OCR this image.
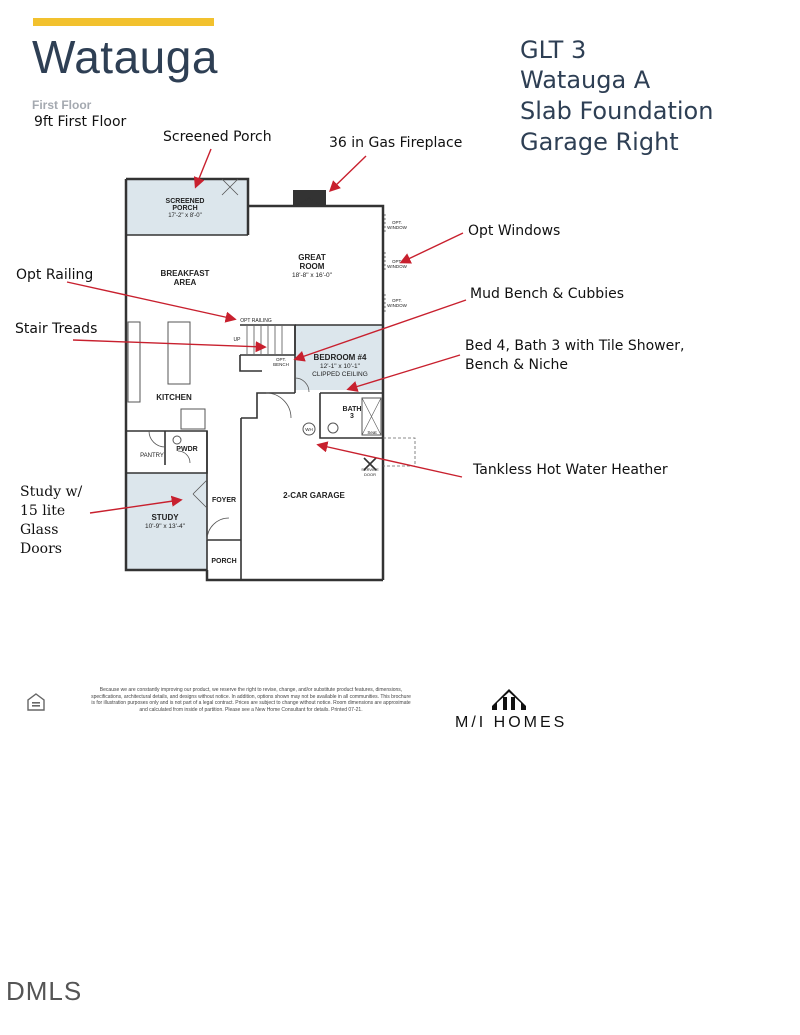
Watauga
First Floor
9ft First Floor
GLT 3
Watauga A
Slab Foundation
Garage Right
Screened Porch	36 in Gas Fireplace
Opt Windows
Opt Railing
Mud Bench & Cubbies
Stair Treads
Bed 4, Bath 3 with Tile Shower,
Bench & Niche
Tankless Hot Water Heather
Study w/
15 lite
Glass
Doors
SCREENED
PORCH
17'-2" x 8'-0"
GREAT
ROOM
18'-8" x 16'-0"
BREAKFAST
AREA
KITCHEN
BEDROOM #4
12'-1" x 10'-1"
CLIPPED CEILING
BATH
3
PANTRY
PWDR
STUDY
10'-9" x 13'-4"
FOYER
PORCH
2-CAR GARAGE
OPT RAILING
OPT.
BENCH
UP
WH
Seat
SERVICE
DOOR
OPT.
WINDOW
OPT.
WINDOW
OPT.
WINDOW
Because we are constantly improving our product, we reserve the right to revise, change, and/or substitute product features, dimensions, specifications, architectural details, and designs without notice. In addition, options shown may not be available in all communities. This brochure is for illustration purposes only and is not part of a legal contract. Prices are subject to change without notice. Room dimensions are approximate and calculated from inside of partition. Please see a New Home Consultant for details. Printed 07-21.
M/I HOMES
DMLS
